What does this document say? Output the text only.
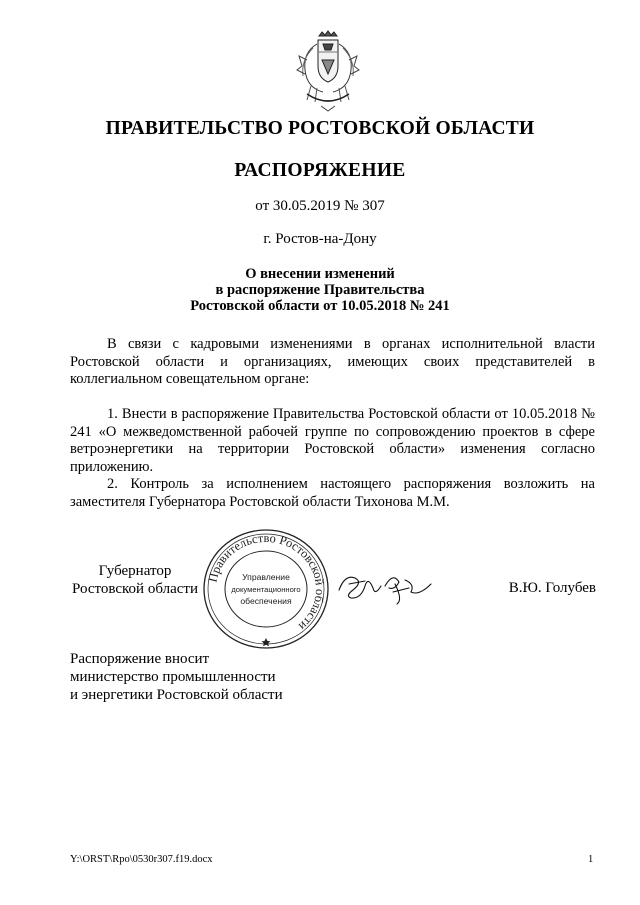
ПРАВИТЕЛЬСТВО РОСТОВСКОЙ ОБЛАСТИ
РАСПОРЯЖЕНИЕ
от 30.05.2019 № 307
г. Ростов-на-Дону
О внесении изменений
в распоряжение Правительства
Ростовской области от 10.05.2018 № 241
В связи с кадровыми изменениями в органах исполнительной власти Ростовской области и организациях, имеющих своих представителей в коллегиальном совещательном органе:
1. Внести в распоряжение Правительства Ростовской области от 10.05.2018 № 241 «О межведомственной рабочей группе по сопровождению проектов в сфере ветроэнергетики на территории Ростовской области» изменения согласно приложению.
2. Контроль за исполнением настоящего распоряжения возложить на заместителя Губернатора Ростовской области Тихонова М.М.
Губернатор
Ростовской области
Правительство Ростовской области
Управление
документационного
обеспечения
В.Ю. Голубев
Распоряжение вносит
министерство промышленности
и энергетики Ростовской области
Y:\ORST\Rpo\0530r307.f19.docx	1
